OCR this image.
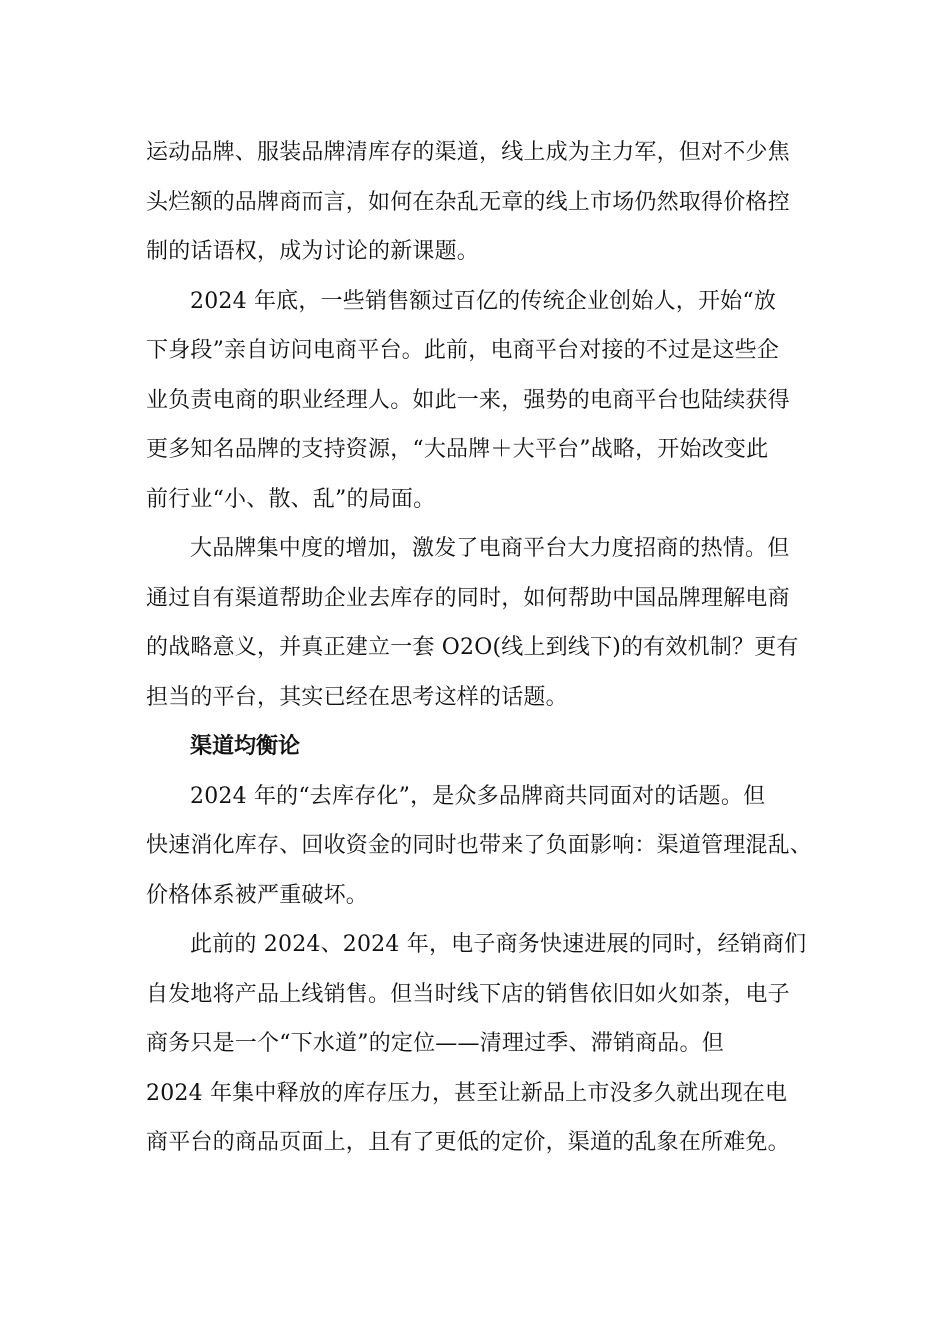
运动品牌、服装品牌清库存的渠道，线上成为主力军，但对不少焦
头烂额的品牌商而言，如何在杂乱无章的线上市场仍然取得价格控
制的话语权，成为讨论的新课题。

2024 年底，一些销售额过百亿的传统企业创始人，开始“放
下身段”亲自访问电商平台。此前，电商平台对接的不过是这些企
业负责电商的职业经理人。如此一来，强势的电商平台也陆续获得
更多知名品牌的支持资源，“大品牌＋大平台”战略，开始改变此
前行业“小、散、乱”的局面。

大品牌集中度的增加，激发了电商平台大力度招商的热情。但
通过自有渠道帮助企业去库存的同时，如何帮助中国品牌理解电商
的战略意义，并真正建立一套 O2O(线上到线下)的有效机制？更有
担当的平台，其实已经在思考这样的话题。

渠道均衡论

2024 年的“去库存化”，是众多品牌商共同面对的话题。但
快速消化库存、回收资金的同时也带来了负面影响：渠道管理混乱、
价格体系被严重破坏。

此前的 2024、2024 年，电子商务快速进展的同时，经销商们
自发地将产品上线销售。但当时线下店的销售依旧如火如荼，电子
商务只是一个“下水道”的定位——清理过季、滞销商品。但
2024 年集中释放的库存压力，甚至让新品上市没多久就出现在电
商平台的商品页面上，且有了更低的定价，渠道的乱象在所难免。
